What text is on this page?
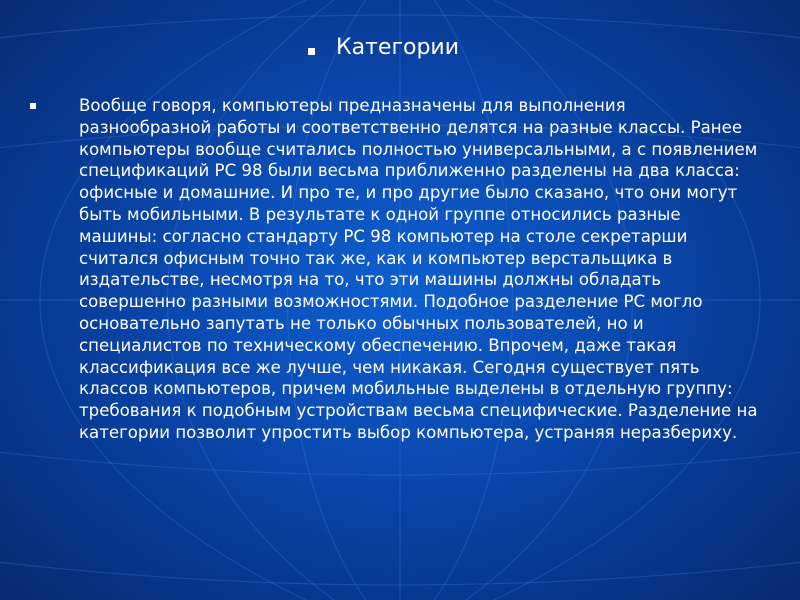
Категории
Вообще говоря, компьютеры предназначены для выполнения разнообразной работы и соответственно делятся на разные классы. Ранее компьютеры вообще считались полностью универсальными, а с появлением спецификаций PC 98 были весьма приближенно разделены на два класса: офисные и домашние. И про те, и про другие было сказано, что они могут быть мобильными. В результате к одной группе относились разные машины: согласно стандарту PC 98 компьютер на столе секретарши считался офисным точно так же, как и компьютер верстальщика в издательстве, несмотря на то, что эти машины должны обладать совершенно разными возможностями. Подобное разделение PC могло основательно запутать не только обычных пользователей, но и специалистов по техническому обеспечению. Впрочем, даже такая классификация все же лучше, чем никакая. Сегодня существует пять классов компьютеров, причем мобильные выделены в отдельную группу: требования к подобным устройствам весьма специфические. Разделение на категории позволит упростить выбор компьютера, устраняя неразбериху.
